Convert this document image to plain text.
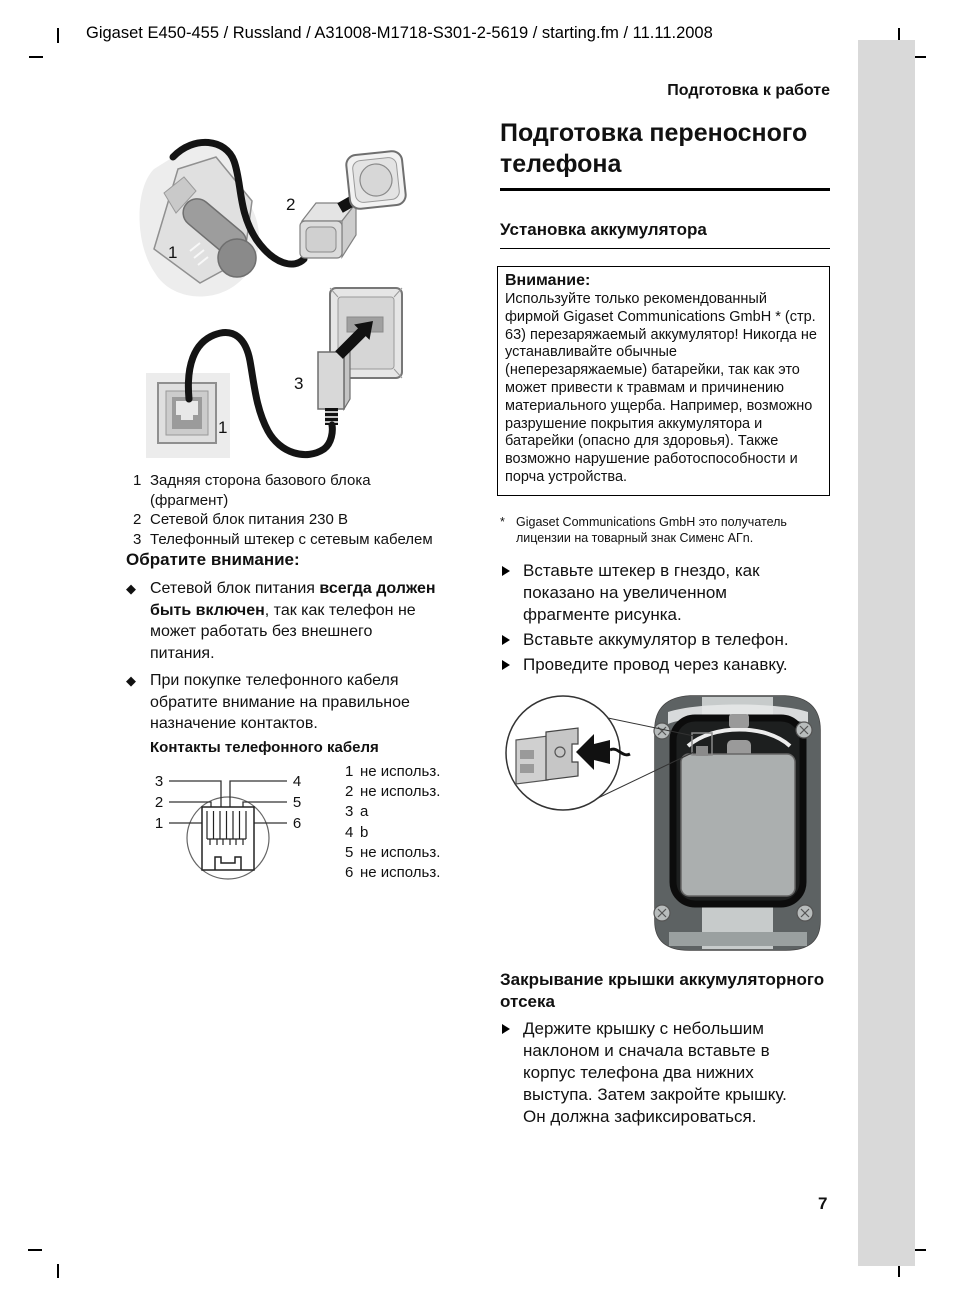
Gigaset E450-455 / Russland / A31008-M1718-S301-2-5619 / starting.fm / 11.11.2008
Подготовка к работе
1
2
3
1
1 Задняя сторона базового блока
(фрагмент)
2 Сетевой блок питания 230 В
3 Телефонный штекер с сетевым кабелем
Обратите внимание:
◆ Сетевой блок питания всегда должен быть включен, так как телефон не может работать без внешнего питания.
◆ При покупке телефонного кабеля обратите внимание на правильное назначение контактов.
Контакты телефонного кабеля
3
2
1
4
5
6
1 не использ.
2 не использ.
3 a
4 b
5 не использ.
6 не использ.
Подготовка переносного телефона
Установка аккумулятора
Внимание:
Используйте только рекомендованный фирмой Gigaset Communications GmbH * (стр. 63) перезаряжаемый аккумулятор! Никогда не устанавливайте обычные (неперезаряжаемые) батарейки, так как это может привести к травмам и причинению материального ущерба. Например, возможно разрушение покрытия аккумулятора и батарейки (опасно для здоровья). Также возможно нарушение работоспособности и порча устройства.
* Gigaset Communications GmbH это получатель лицензии на товарный знак Сименс АГn.
Вставьте штекер в гнездо, как показано на увеличенном фрагменте рисунка.
Вставьте аккумулятор в телефон.
Проведите провод через канавку.
Закрывание крышки аккумуляторного отсека
Держите крышку с небольшим наклоном и сначала вставьте в корпус телефона два нижних выступа. Затем закройте крышку. Он должна зафиксироваться.
7
